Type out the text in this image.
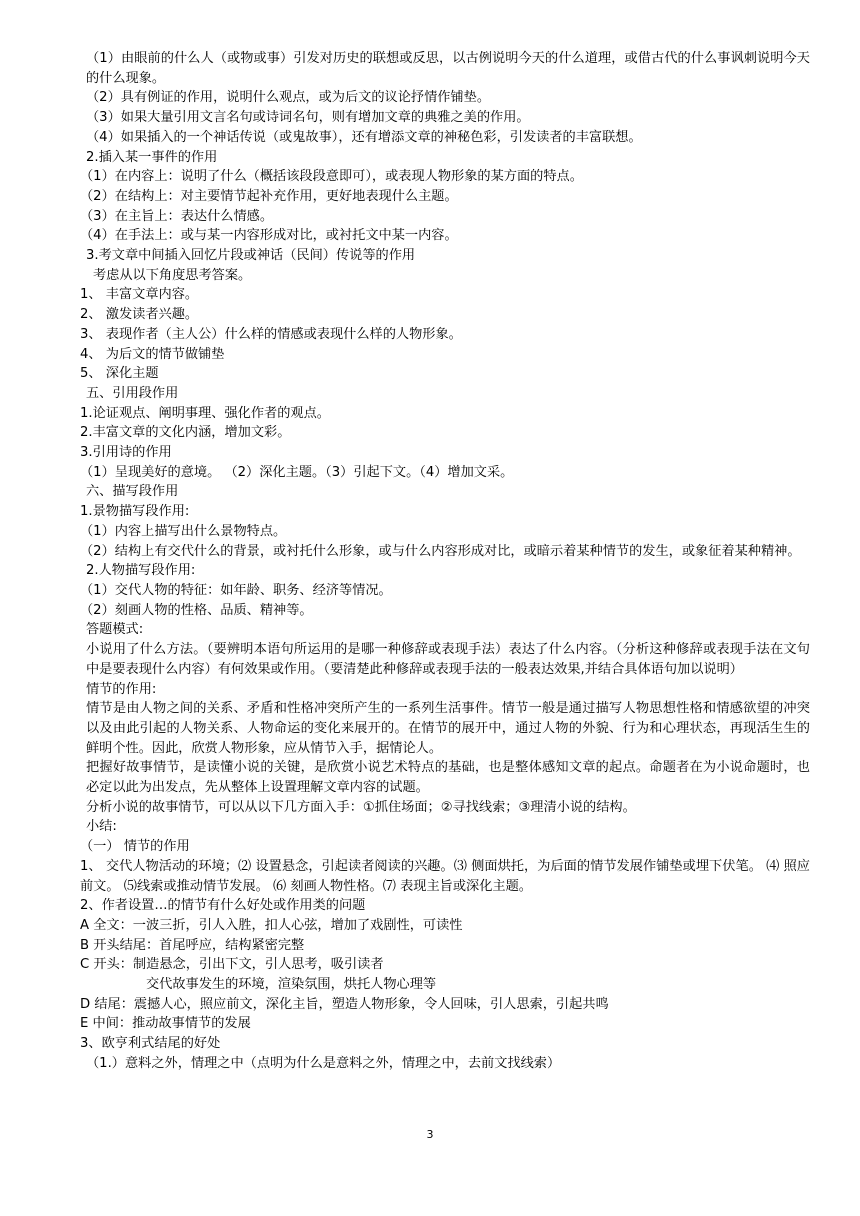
（1）由眼前的什么人（或物或事）引发对历史的联想或反思，以古例说明今天的什么道理，或借古代的什么事讽刺说明今天的什么现象。
（2）具有例证的作用，说明什么观点，或为后文的议论抒情作铺垫。
（3）如果大量引用文言名句或诗词名句，则有增加文章的典雅之美的作用。
（4）如果插入的一个神话传说（或鬼故事），还有增添文章的神秘色彩，引发读者的丰富联想。
2.插入某一事件的作用
（1）在内容上：说明了什么（概括该段段意即可），或表现人物形象的某方面的特点。
（2）在结构上：对主要情节起补充作用，更好地表现什么主题。
（3）在主旨上：表达什么情感。
（4）在手法上：或与某一内容形成对比，或衬托文中某一内容。
3.考文章中间插入回忆片段或神话（民间）传说等的作用
考虑从以下角度思考答案。
1、 丰富文章内容。
2、 激发读者兴趣。
3、 表现作者（主人公）什么样的情感或表现什么样的人物形象。
4、 为后文的情节做铺垫
5、 深化主题
五、引用段作用
1.论证观点、阐明事理、强化作者的观点。
2.丰富文章的文化内涵，增加文彩。
3.引用诗的作用
（1）呈现美好的意境。 （2）深化主题。（3）引起下文。（4）增加文采。
六、描写段作用
1.景物描写段作用:
（1）内容上描写出什么景物特点。
（2）结构上有交代什么的背景，或衬托什么形象，或与什么内容形成对比，或暗示着某种情节的发生，或象征着某种精神。
2.人物描写段作用:
（1）交代人物的特征：如年龄、职务、经济等情况。
（2）刻画人物的性格、品质、精神等。
答题模式:
小说用了什么方法。（要辨明本语句所运用的是哪一种修辞或表现手法）表达了什么内容。（分析这种修辞或表现手法在文句中是要表现什么内容）有何效果或作用。（要清楚此种修辞或表现手法的一般表达效果,并结合具体语句加以说明）
情节的作用:
情节是由人物之间的关系、矛盾和性格冲突所产生的一系列生活事件。情节一般是通过描写人物思想性格和情感欲望的冲突以及由此引起的人物关系、人物命运的变化来展开的。在情节的展开中，通过人物的外貌、行为和心理状态，再现活生生的鲜明个性。因此，欣赏人物形象，应从情节入手，据情论人。
把握好故事情节，是读懂小说的关键，是欣赏小说艺术特点的基础，也是整体感知文章的起点。命题者在为小说命题时，也必定以此为出发点，先从整体上设置理解文章内容的试题。
分析小说的故事情节，可以从以下几方面入手：①抓住场面；②寻找线索；③理清小说的结构。
小结:
（一） 情节的作用
1、 交代人物活动的环境；⑵ 设置悬念，引起读者阅读的兴趣。⑶ 侧面烘托，为后面的情节发展作铺垫或埋下伏笔。 ⑷ 照应前文。 ⑸线索或推动情节发展。 ⑹ 刻画人物性格。⑺ 表现主旨或深化主题。
2、作者设置…的情节有什么好处或作用类的问题
A 全文：一波三折，引人入胜，扣人心弦，增加了戏剧性，可读性
B 开头结尾：首尾呼应，结构紧密完整
C 开头：制造悬念，引出下文，引人思考，吸引读者
交代故事发生的环境，渲染氛围，烘托人物心理等
D 结尾：震撼人心，照应前文，深化主旨，塑造人物形象，令人回味，引人思索，引起共鸣
E 中间：推动故事情节的发展
3、欧亨利式结尾的好处
（1.）意料之外，情理之中（点明为什么是意料之外，情理之中，去前文找线索）
3
